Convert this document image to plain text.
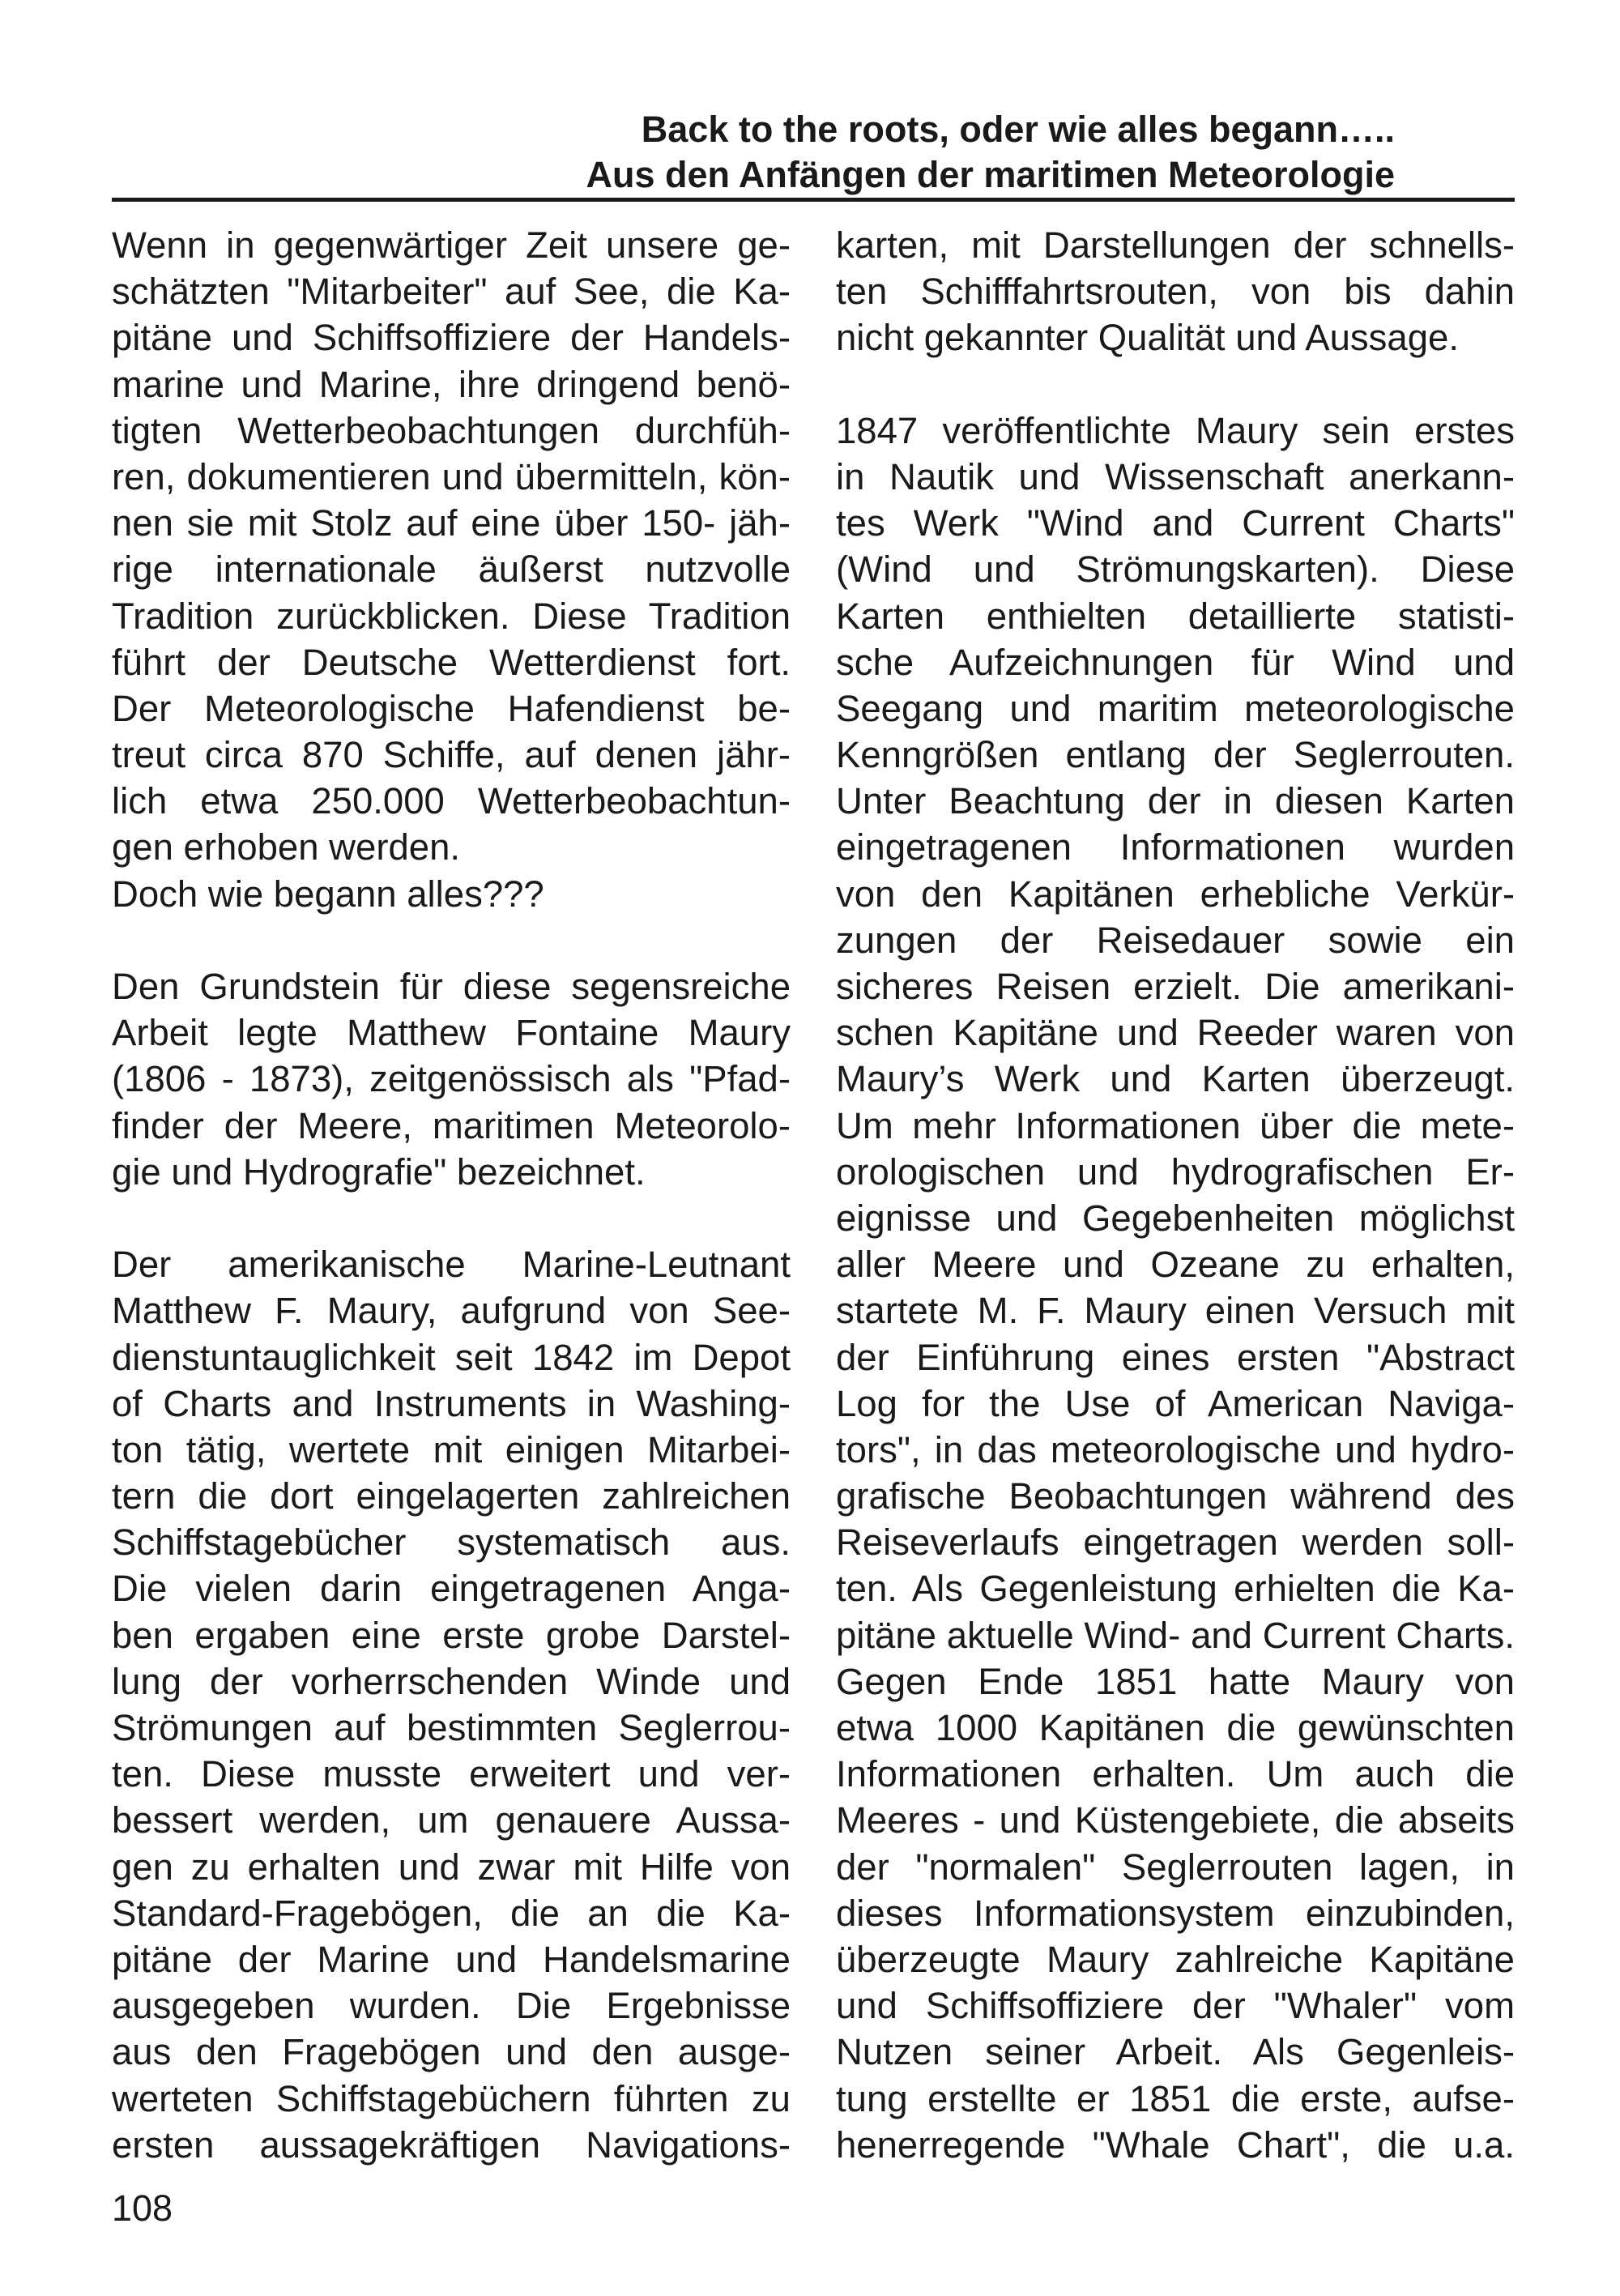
Back to the roots, oder wie alles begann…..

Aus den Anfängen der maritimen Meteorologie

Wenn in gegenwärtiger Zeit unsere ge-
schätzten "Mitarbeiter" auf See, die Ka-
pitäne und Schiffsoffiziere der Handels-
marine und Marine, ihre dringend benö-
tigten Wetterbeobachtungen durchfüh-
ren, dokumentieren und übermitteln, kön-
nen sie mit Stolz auf eine über 150- jäh-
rige internationale äußerst nutzvolle
Tradition zurückblicken. Diese Tradition
führt der Deutsche Wetterdienst fort.
Der Meteorologische Hafendienst be-
treut circa 870 Schiffe, auf denen jähr-
lich etwa 250.000 Wetterbeobachtun-
gen erhoben werden.
Doch wie begann alles???
Den Grundstein für diese segensreiche
Arbeit legte Matthew Fontaine Maury
(1806 - 1873), zeitgenössisch als "Pfad-
finder der Meere, maritimen Meteorolo-
gie und Hydrografie" bezeichnet.
Der amerikanische Marine-Leutnant
Matthew F. Maury, aufgrund von See-
dienstuntauglichkeit seit 1842 im Depot
of Charts and Instruments in Washing-
ton tätig, wertete mit einigen Mitarbei-
tern die dort eingelagerten zahlreichen
Schiffstagebücher systematisch aus.
Die vielen darin eingetragenen Anga-
ben ergaben eine erste grobe Darstel-
lung der vorherrschenden Winde und
Strömungen auf bestimmten Seglerrou-
ten. Diese musste erweitert und ver-
bessert werden, um genauere Aussa-
gen zu erhalten und zwar mit Hilfe von
Standard-Fragebögen, die an die Ka-
pitäne der Marine und Handelsmarine
ausgegeben wurden. Die Ergebnisse
aus den Fragebögen und den ausge-
werteten Schiffstagebüchern führten zu
ersten aussagekräftigen Navigations-
karten, mit Darstellungen der schnells-
ten Schifffahrtsrouten, von bis dahin
nicht gekannter Qualität und Aussage.
1847 veröffentlichte Maury sein erstes
in Nautik und Wissenschaft anerkann-
tes Werk "Wind and Current Charts"
(Wind und Strömungskarten). Diese
Karten enthielten detaillierte statisti-
sche Aufzeichnungen für Wind und
Seegang und maritim meteorologische
Kenngrößen entlang der Seglerrouten.
Unter Beachtung der in diesen Karten
eingetragenen Informationen wurden
von den Kapitänen erhebliche Verkür-
zungen der Reisedauer sowie ein
sicheres Reisen erzielt. Die amerikani-
schen Kapitäne und Reeder waren von
Maury’s Werk und Karten überzeugt.
Um mehr Informationen über die mete-
orologischen und hydrografischen Er-
eignisse und Gegebenheiten möglichst
aller Meere und Ozeane zu erhalten,
startete M. F. Maury einen Versuch mit
der Einführung eines ersten "Abstract
Log for the Use of American Naviga-
tors", in das meteorologische und hydro-
grafische Beobachtungen während des
Reiseverlaufs eingetragen werden soll-
ten. Als Gegenleistung erhielten die Ka-
pitäne aktuelle Wind- and Current Charts.
Gegen Ende 1851 hatte Maury von
etwa 1000 Kapitänen die gewünschten
Informationen erhalten. Um auch die
Meeres - und Küstengebiete, die abseits
der "normalen" Seglerrouten lagen, in
dieses Informationsystem einzubinden,
überzeugte Maury zahlreiche Kapitäne
und Schiffsoffiziere der "Whaler" vom
Nutzen seiner Arbeit. Als Gegenleis-
tung erstellte er 1851 die erste, aufse-
henerregende "Whale Chart", die u.a.
108
